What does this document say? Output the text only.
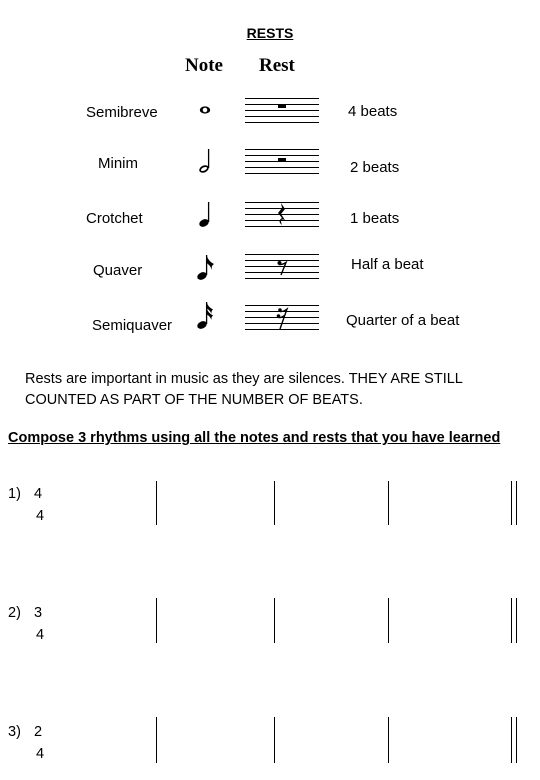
RESTS
Note Rest
Semibreve	4 beats
Minim	2 beats
Crotchet	1 beats
Quaver	Half a beat
Semiquaver	Quarter of a beat
Rests are important in music as they are silences. THEY ARE STILL COUNTED AS PART OF THE NUMBER OF BEATS.
Compose 3 rhythms using all the notes and rests that you have learned
1) 4
4
2) 3
4
3) 2
4
